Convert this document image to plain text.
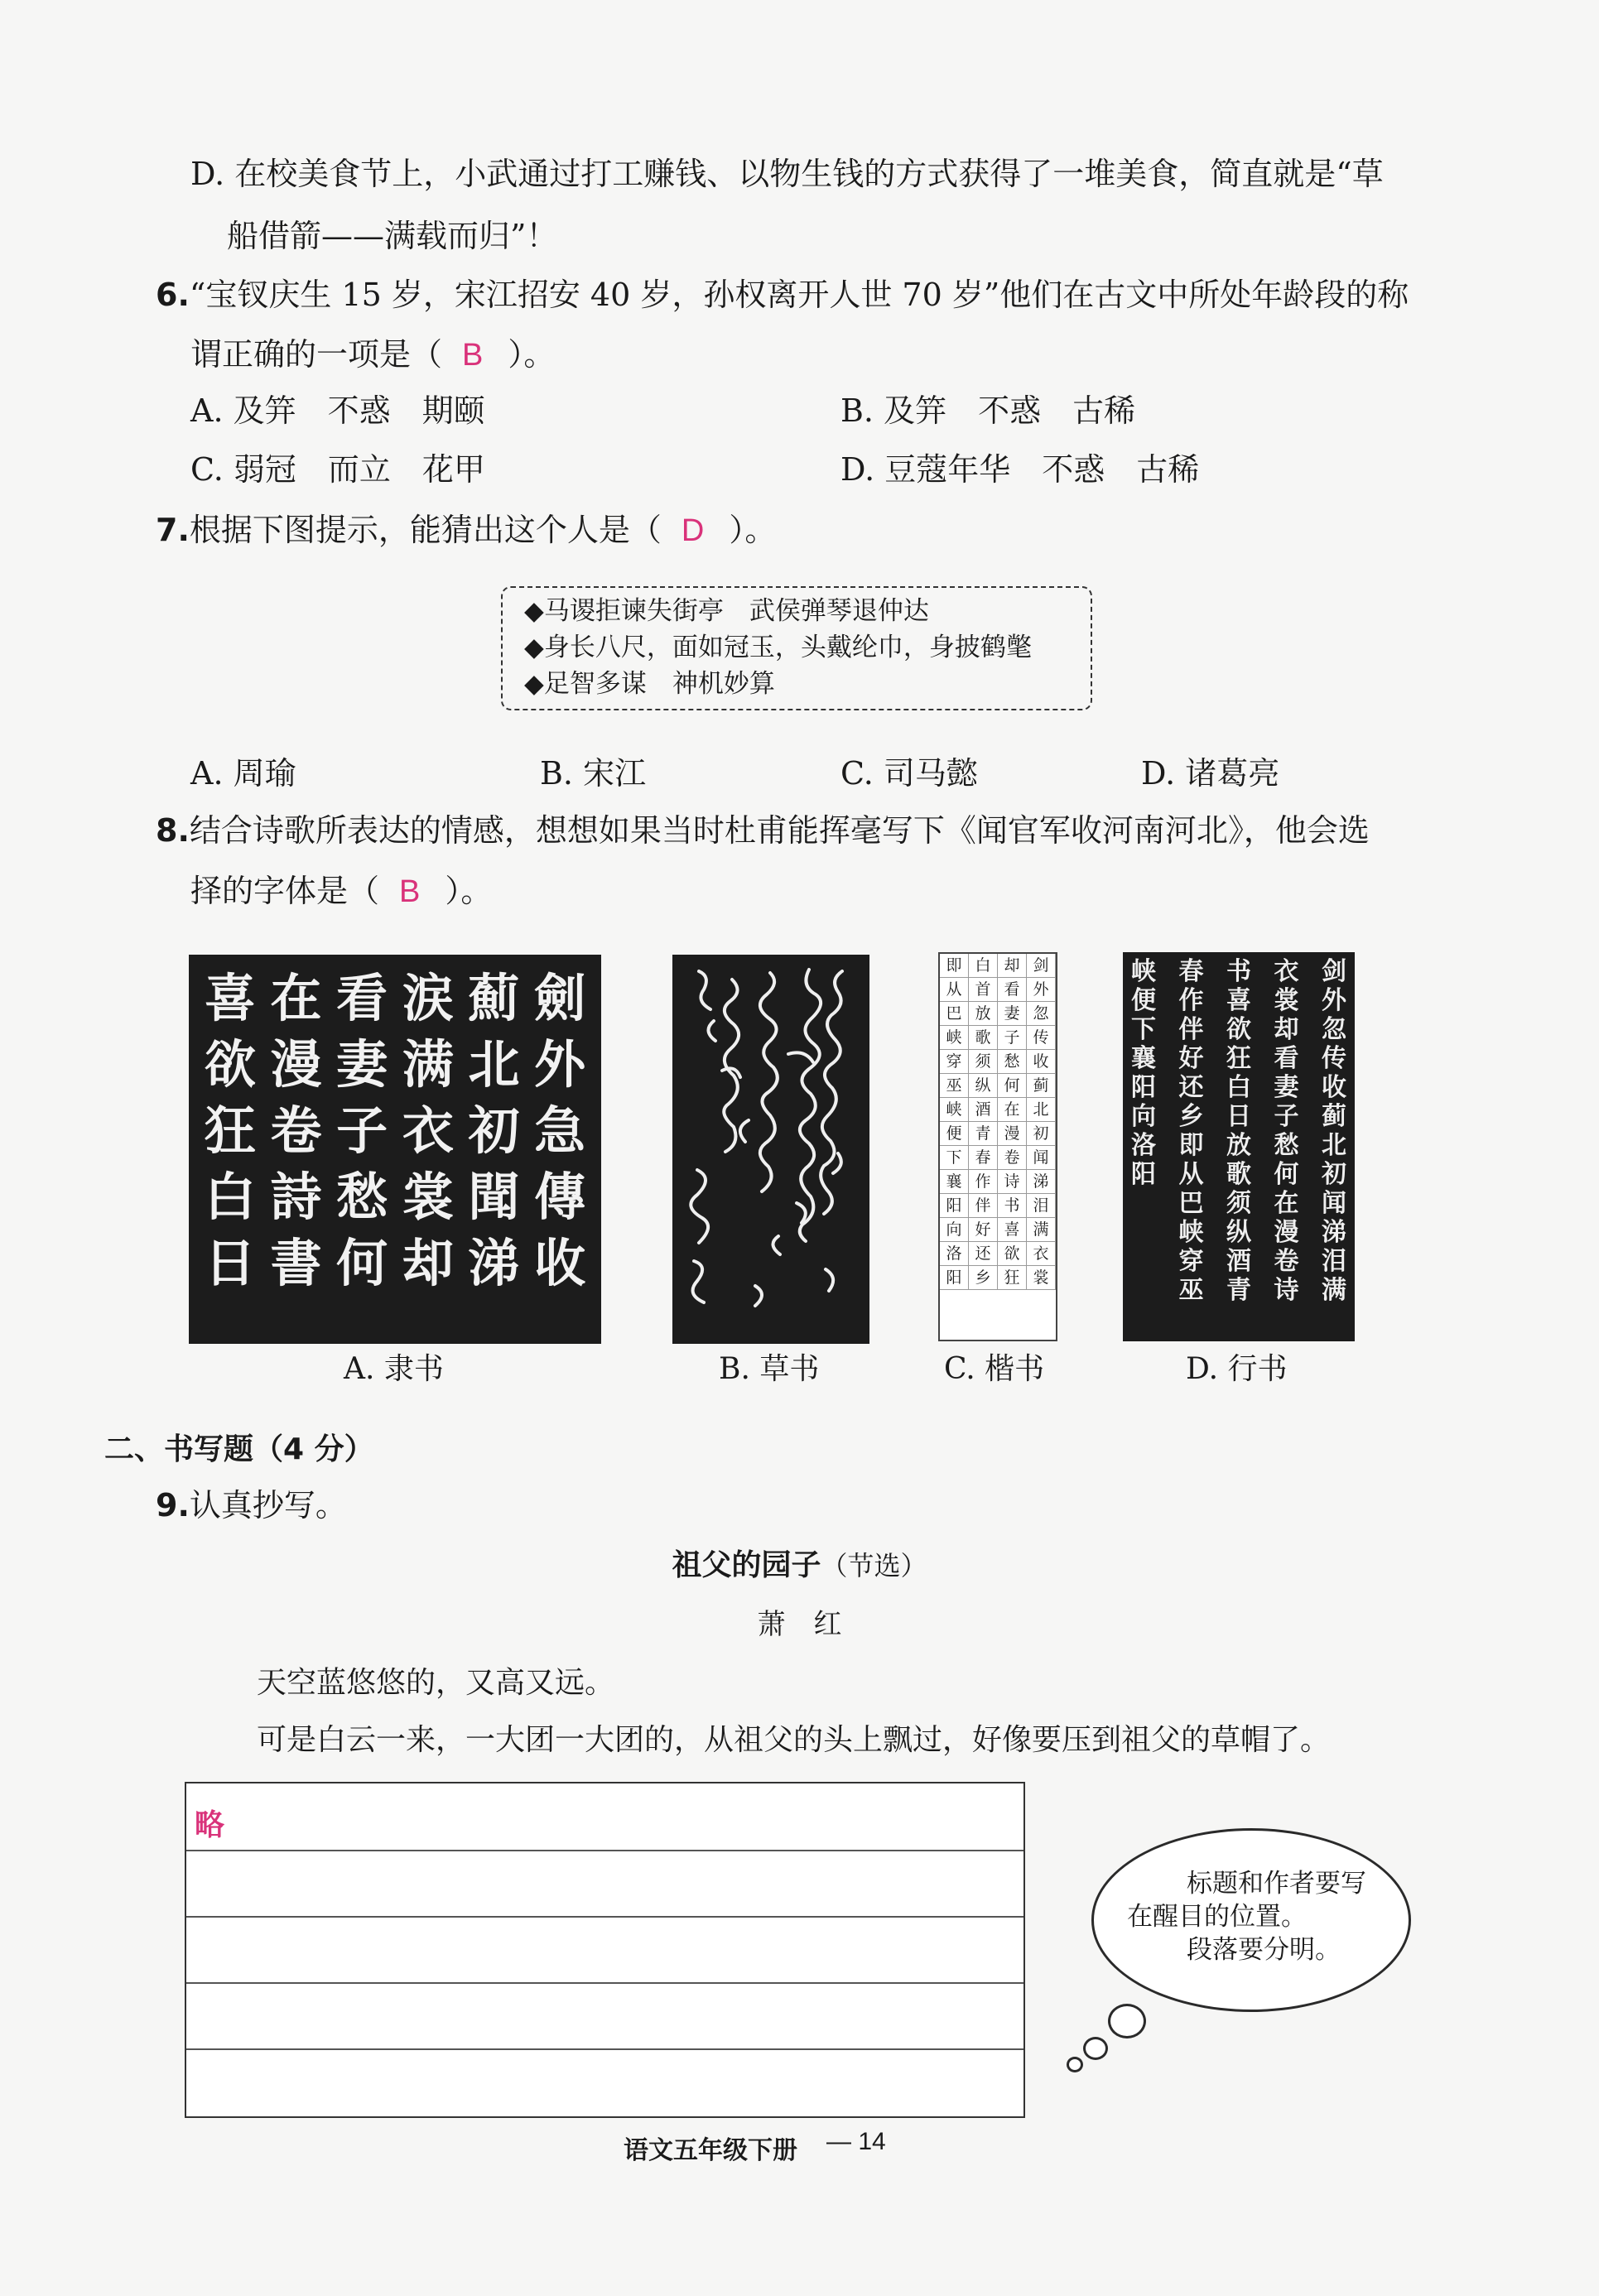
D. 在校美食节上，小武通过打工赚钱、以物生钱的方式获得了一堆美食，简直就是“草
船借箭——满载而归”！
6.“宝钗庆生 15 岁，宋江招安 40 岁，孙权离开人世 70 岁”他们在古文中所处年龄段的称
谓正确的一项是（ B ）。
A. 及笄　不惑　期颐	B. 及笄　不惑　古稀
C. 弱冠　而立　花甲	D. 豆蔻年华　不惑　古稀
7.根据下图提示，能猜出这个人是（ D ）。
◆马谡拒谏失街亭　武侯弹琴退仲达
◆身长八尺，面如冠玉，头戴纶巾，身披鹤氅
◆足智多谋　神机妙算
A. 周瑜	B. 宋江	C. 司马懿	D. 诸葛亮
8.结合诗歌所表达的情感，想想如果当时杜甫能挥毫写下《闻官军收河南河北》，他会选
择的字体是（ B ）。
喜 在 看 涙 薊 劍
欲 漫 妻 满 北 外
狂 卷 子 衣 初 急
白 詩 愁 裳 聞 傳
日 書 何 却 涕 收
A. 隶书	B. 草书
即 白 却 剑
从 首 看 外
巴 放 妻 忽
峡 歌 子 传
穿 须 愁 收
巫 纵 何 蓟
峡 酒 在 北
便 青 漫 初
下 春 卷 闻
襄 作 诗 涕
阳 伴 书 泪
向 好 喜 满
洛 还 欲 衣
阳 乡 狂 裳
C. 楷书
剑
外
忽
传
收
蓟
北
初
闻
涕
泪
满
衣
裳
却
看
妻
子
愁
何
在
漫
卷
诗
书
喜
欲
狂
白
日
放
歌
须
纵
酒
青
春
作
伴
好
还
乡
即
从
巴
峡
穿
巫
峡
便
下
襄
阳
向
洛
阳
D. 行书
二、书写题（4 分）
9.认真抄写。
祖父的园子（节选）
萧　红
天空蓝悠悠的，又高又远。
可是白云一来，一大团一大团的，从祖父的头上飘过，好像要压到祖父的草帽了。
略
标题和作者要写
在醒目的位置。
段落要分明。
语文五年级下册 — 14
